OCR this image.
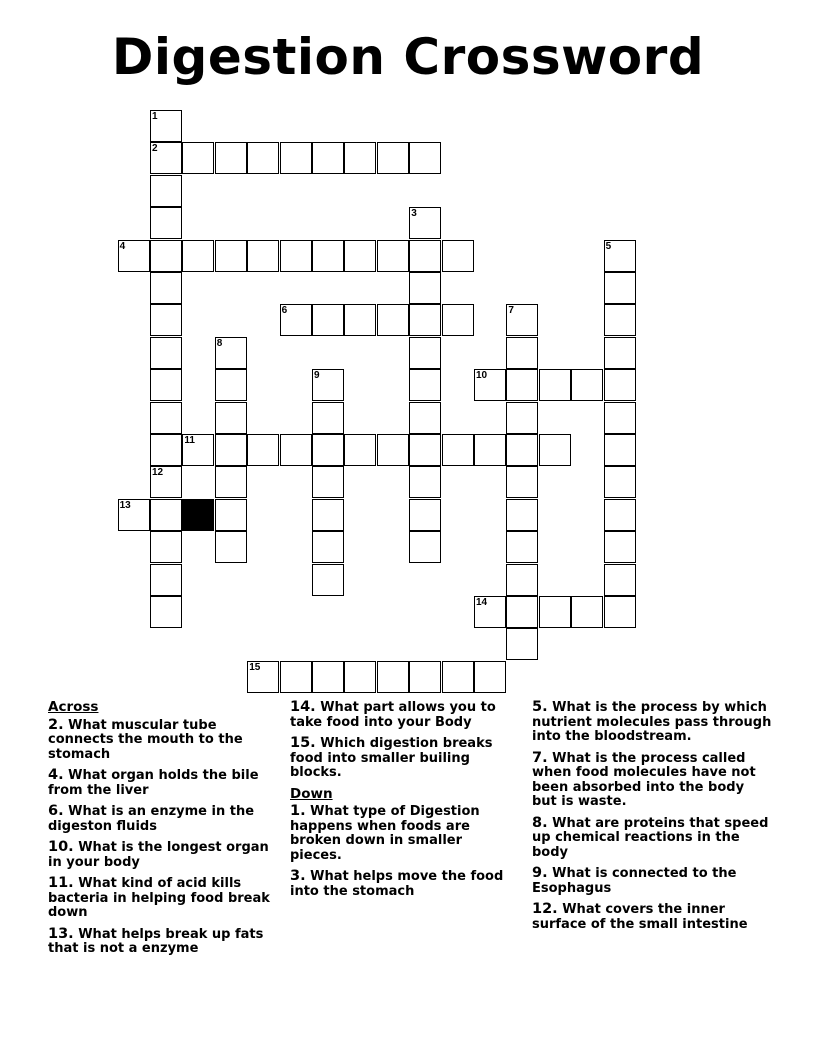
Digestion Crossword
2
4
6
10
11
13
14
15
1
12
3
5
7
8
9
Across
2. What muscular tube connects the mouth to the stomach
4. What organ holds the bile from the liver
6. What is an enzyme in the digeston fluids
10. What is the longest organ in your body
11. What kind of acid kills bacteria in helping food break down
13. What helps break up fats that is not a enzyme
14. What part allows you to take food into your Body
15. Which digestion breaks food into smaller builing blocks.
Down
1. What type of Digestion happens when foods are broken down in smaller pieces.
3. What helps move the food into the stomach
5. What is the process by which nutrient molecules pass through into the bloodstream.
7. What is the process called when food molecules have not been absorbed into the body but is waste.
8. What are proteins that speed up chemical reactions in the body
9. What is connected to the Esophagus
12. What covers the inner surface of the small intestine
